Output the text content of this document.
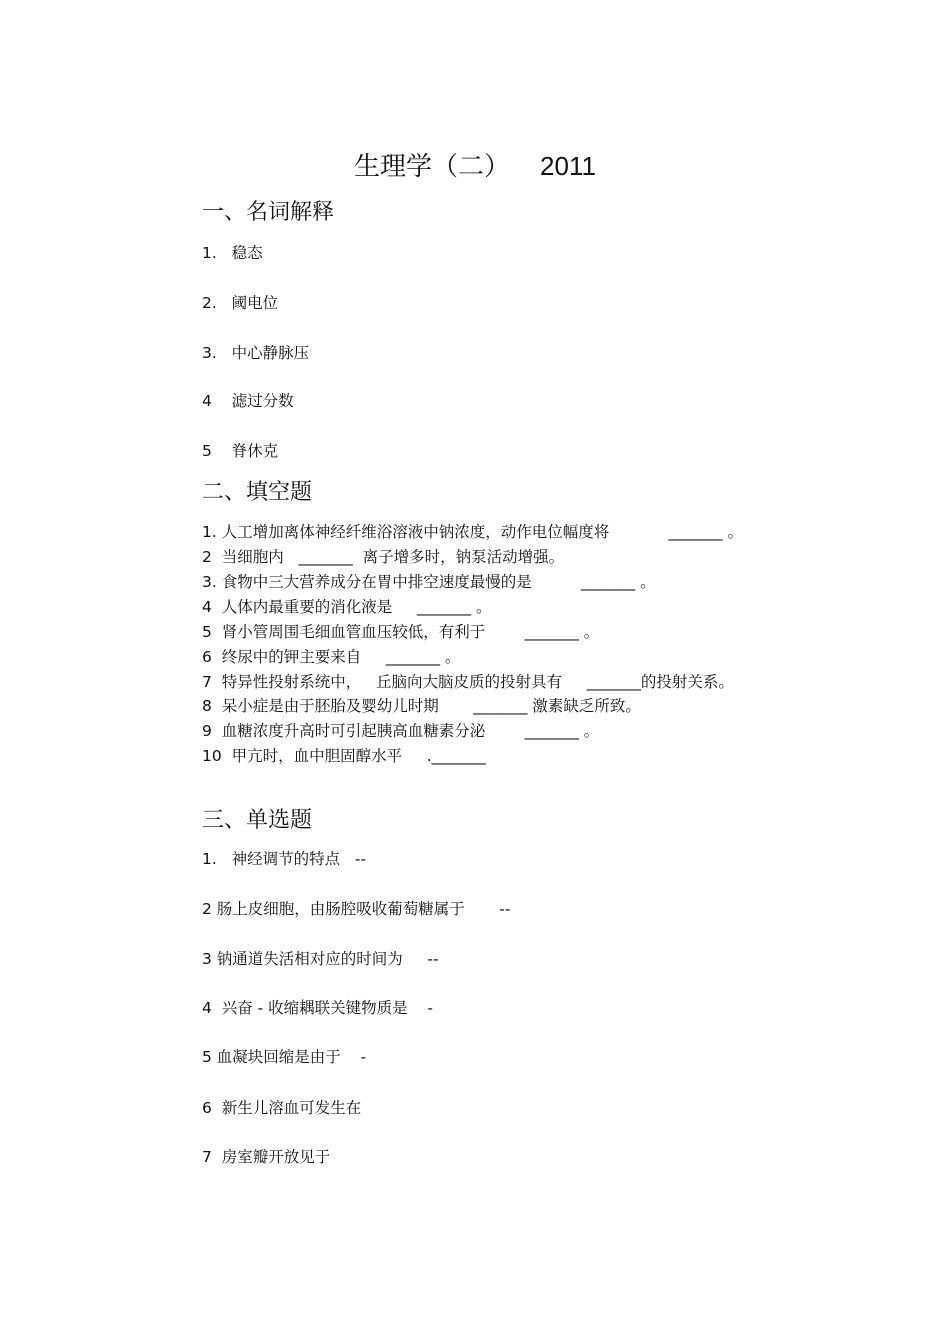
生理学（二） 2011
一、名词解释
1.   稳态
2.   阈电位
3.   中心静脉压
4    滤过分数
5    脊休克
二、填空题
1. 人工增加离体神经纤维浴溶液中钠浓度，动作电位幅度将            _______ 。
2  当细胞内   _______  离子增多时，钠泵活动增强。
3. 食物中三大营养成分在胃中排空速度最慢的是          _______ 。
4  人体内最重要的消化液是     _______ 。
5  肾小管周围毛细血管血压较低，有利于        _______ 。
6  终尿中的钾主要来自     _______ 。
7  特异性投射系统中，   丘脑向大脑皮质的投射具有     _______的投射关系。
8  呆小症是由于胚胎及婴幼儿时期       _______ 激素缺乏所致。
9  血糖浓度升高时可引起胰高血糖素分泌        _______ 。
10  甲亢时，血中胆固醇水平     ._______
三、单选题
1.   神经调节的特点   --
2 肠上皮细胞，由肠腔吸收葡萄糖属于       --
3 钠通道失活相对应的时间为     --
4  兴奋 - 收缩耦联关键物质是    -
5 血凝块回缩是由于    -
6  新生儿溶血可发生在
7  房室瓣开放见于
